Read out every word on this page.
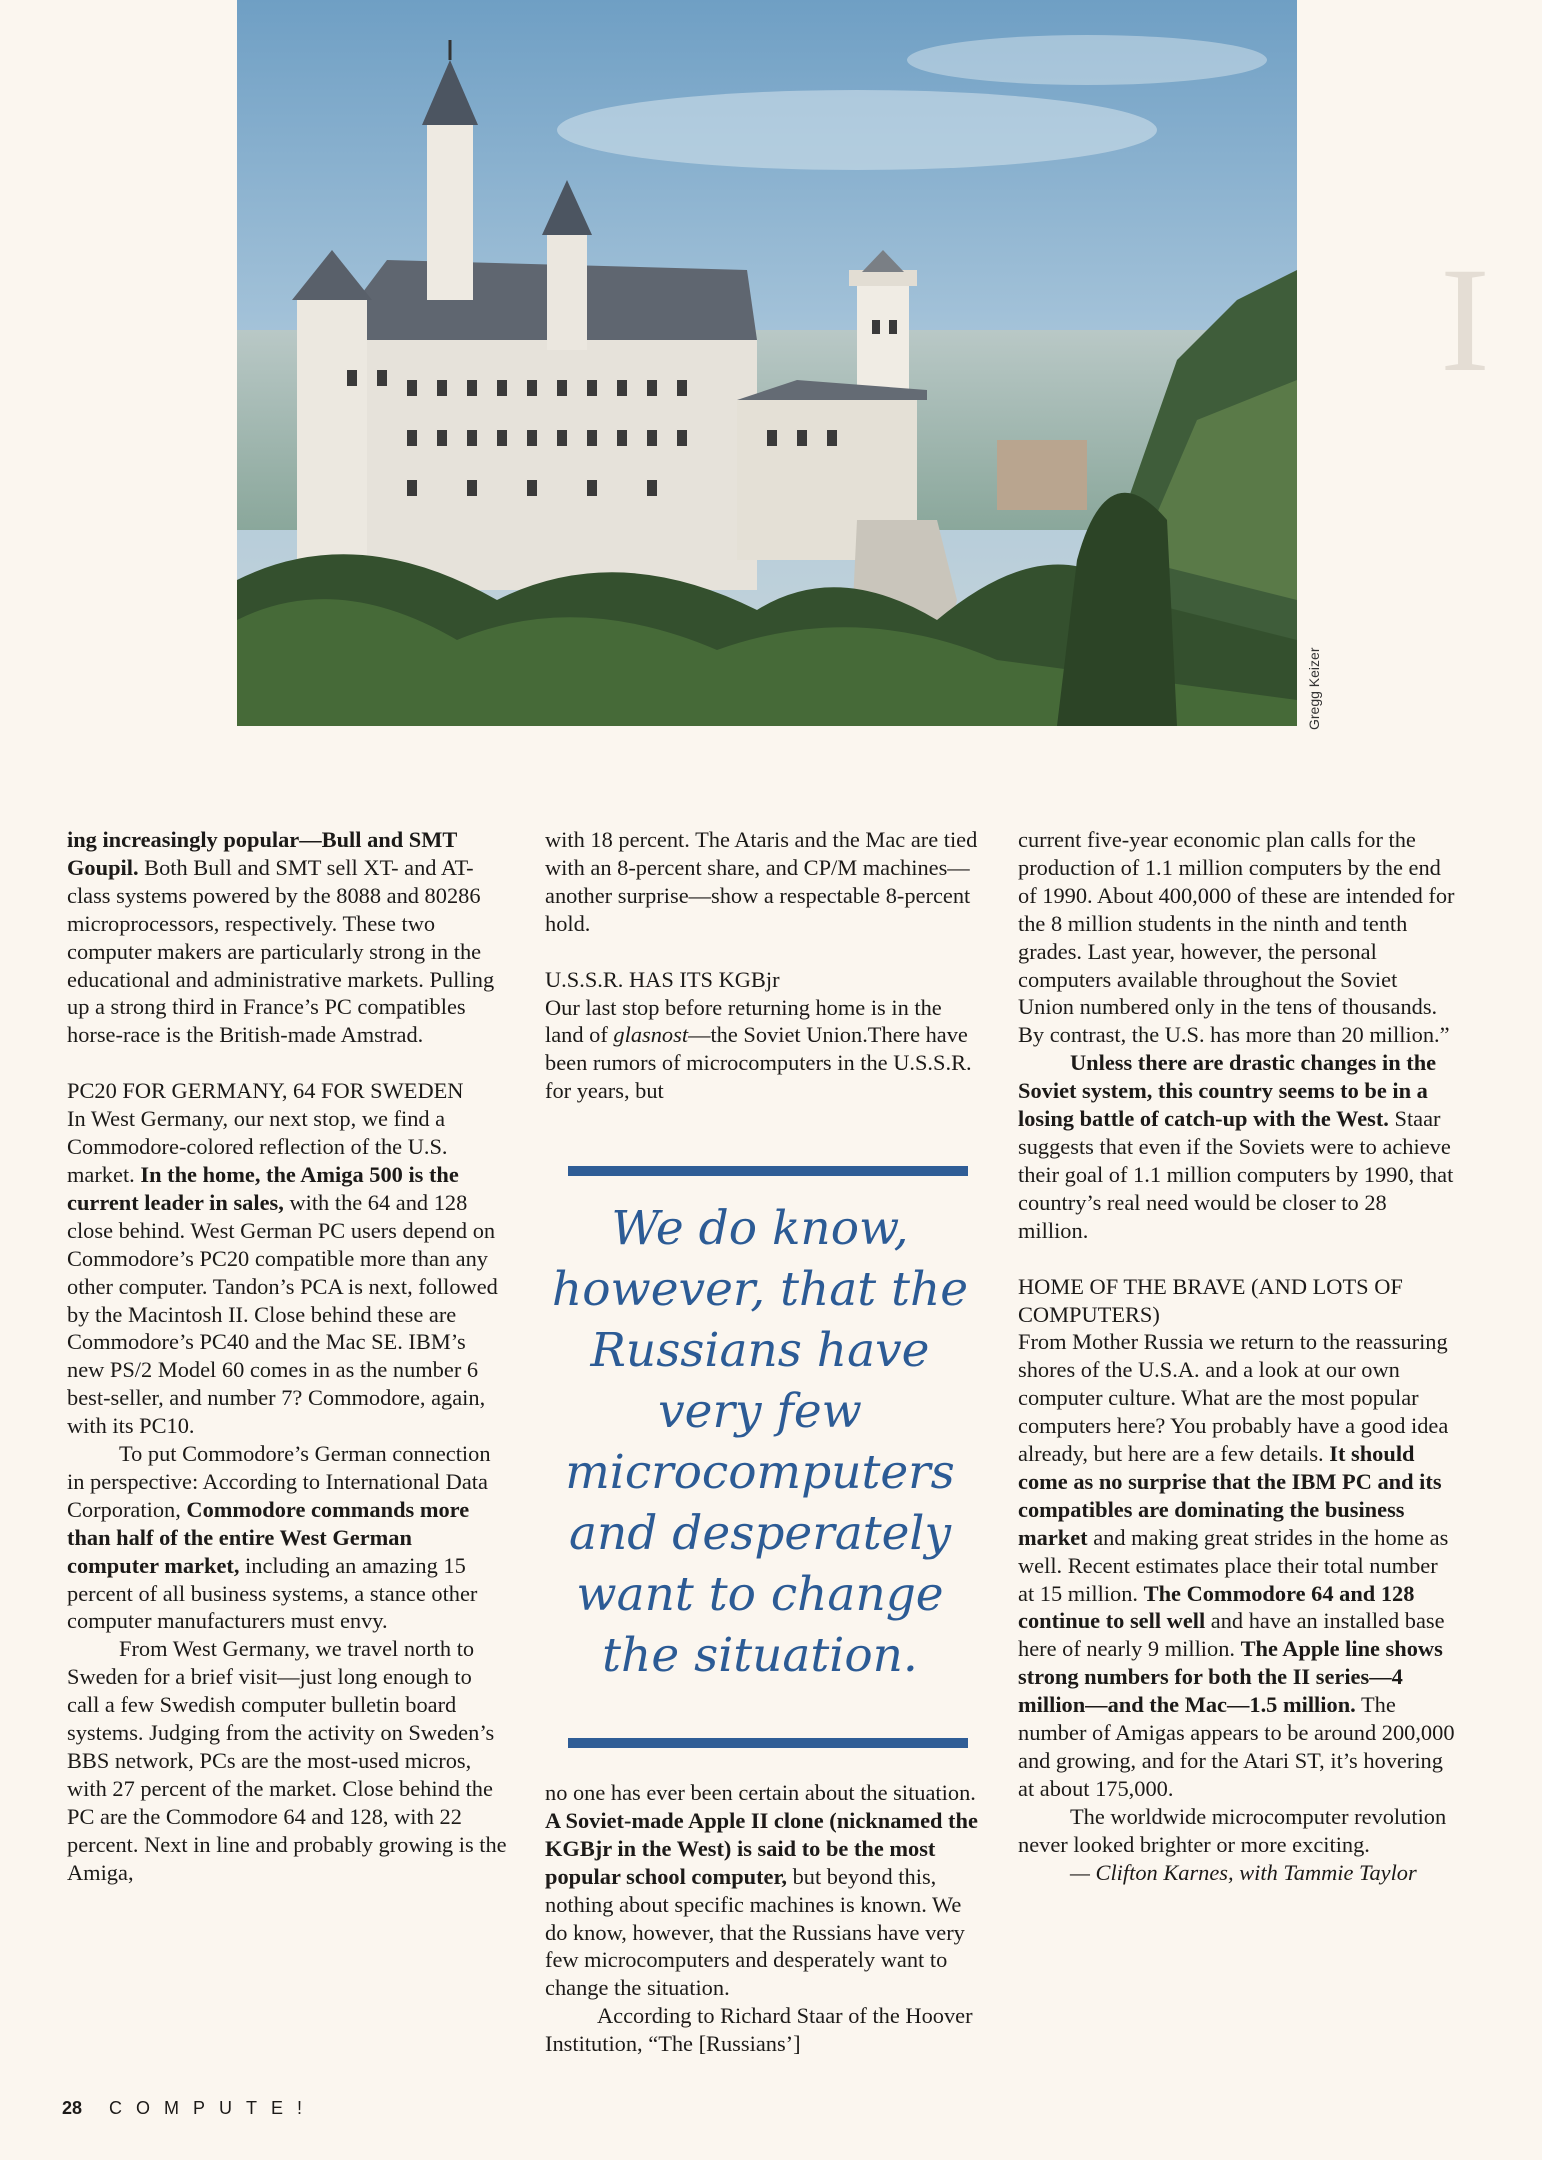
Gregg Keizer
I

ing increasingly popular—Bull and SMT Goupil. Both Bull and SMT sell XT- and AT-class systems powered by the 8088 and 80286 microprocessors, respectively. These two computer makers are particularly strong in the educational and administrative markets. Pulling up a strong third in France’s PC compatibles horse-race is the British-made Amstrad.

PC20 FOR GERMANY, 64 FOR SWEDEN

In West Germany, our next stop, we find a Commodore-colored reflection of the U.S. market. In the home, the Amiga 500 is the current leader in sales, with the 64 and 128 close behind. West German PC users depend on Commodore’s PC20 compatible more than any other computer. Tandon’s PCA is next, followed by the Macintosh II. Close behind these are Commodore’s PC40 and the Mac SE. IBM’s new PS/2 Model 60 comes in as the number 6 best-seller, and number 7? Commodore, again, with its PC10.

To put Commodore’s German connection in perspective: According to International Data Corporation, Commodore commands more than half of the entire West German computer market, including an amazing 15 percent of all business systems, a stance other computer manufacturers must envy.

From West Germany, we travel north to Sweden for a brief visit—just long enough to call a few Swedish computer bulletin board systems. Judging from the activity on Sweden’s BBS network, PCs are the most-used micros, with 27 percent of the market. Close behind the PC are the Commodore 64 and 128, with 22 percent. Next in line and probably growing is the Amiga,

with 18 percent. The Ataris and the Mac are tied with an 8-percent share, and CP/M machines—another surprise—show a respectable 8-percent hold.

U.S.S.R. HAS ITS KGBjr

Our last stop before returning home is in the land of glasnost—the Soviet Union.There have been rumors of microcomputers in the U.S.S.R. for years, but

We do know, however, that the Russians have very few microcomputers and desperately want to change the situation.

no one has ever been certain about the situation. A Soviet-made Apple II clone (nicknamed the KGBjr in the West) is said to be the most popular school computer, but beyond this, nothing about specific machines is known. We do know, however, that the Russians have very few microcomputers and desperately want to change the situation.

According to Richard Staar of the Hoover Institution, “The [Russians’]

current five-year economic plan calls for the production of 1.1 million computers by the end of 1990. About 400,000 of these are intended for the 8 million students in the ninth and tenth grades. Last year, however, the personal computers available throughout the Soviet Union numbered only in the tens of thousands. By contrast, the U.S. has more than 20 million.”

Unless there are drastic changes in the Soviet system, this country seems to be in a losing battle of catch-up with the West. Staar suggests that even if the Soviets were to achieve their goal of 1.1 million computers by 1990, that country’s real need would be closer to 28 million.

HOME OF THE BRAVE (AND LOTS OF COMPUTERS)

From Mother Russia we return to the reassuring shores of the U.S.A. and a look at our own computer culture. What are the most popular computers here? You probably have a good idea already, but here are a few details. It should come as no surprise that the IBM PC and its compatibles are dominating the business market and making great strides in the home as well. Recent estimates place their total number at 15 million. The Commodore 64 and 128 continue to sell well and have an installed base here of nearly 9 million. The Apple line shows strong numbers for both the II series—4 million—and the Mac—1.5 million. The number of Amigas appears to be around 200,000 and growing, and for the Atari ST, it’s hovering at about 175,000.

The worldwide microcomputer revolution never looked brighter or more exciting.

— Clifton Karnes, with Tammie Taylor

28 COMPUTE!
